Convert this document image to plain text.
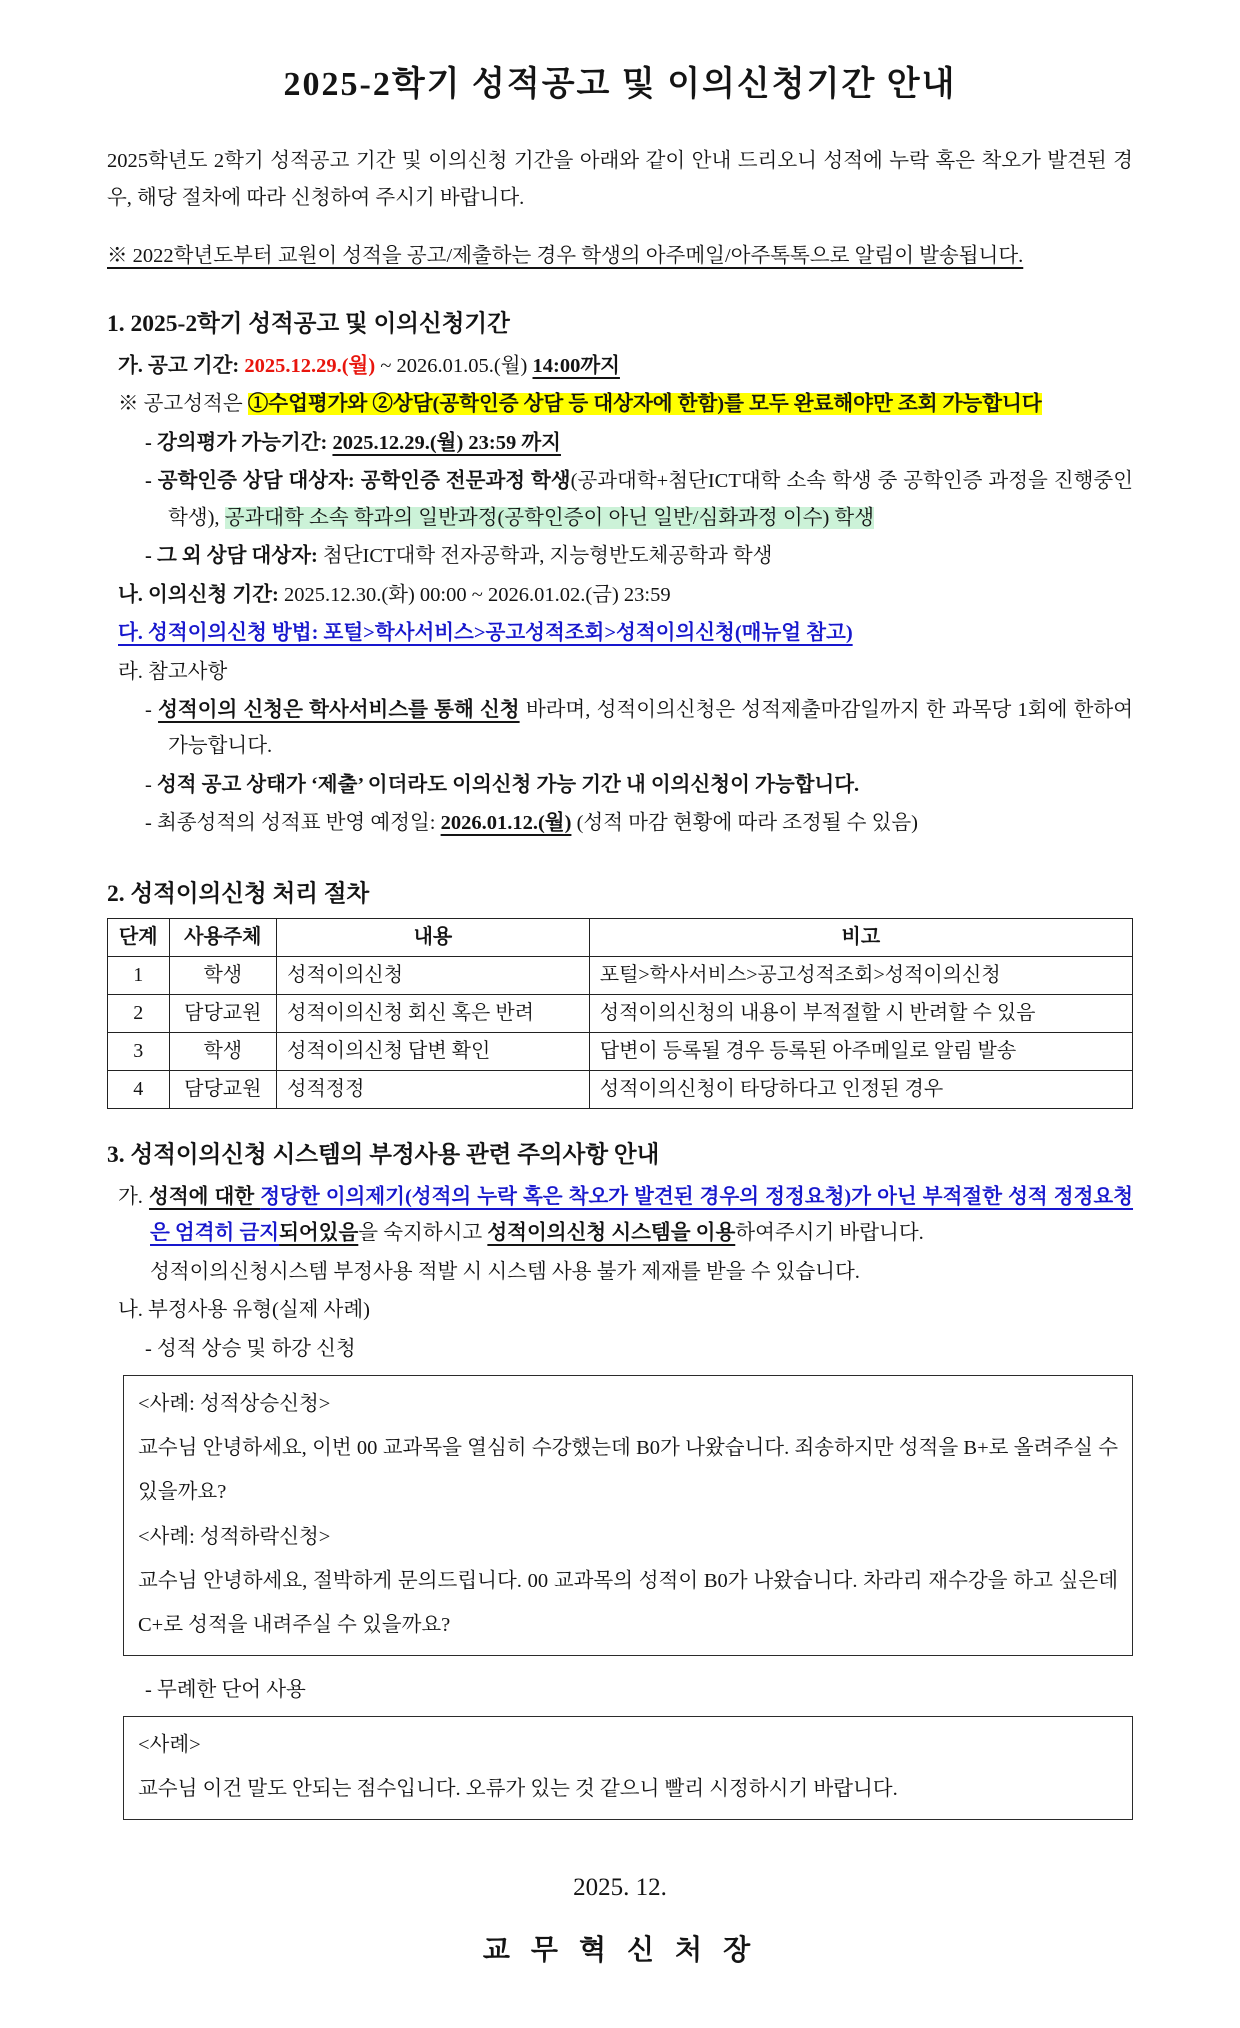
2025-2학기 성적공고 및 이의신청기간 안내

2025학년도 2학기 성적공고 기간 및 이의신청 기간을 아래와 같이 안내 드리오니 성적에 누락 혹은 착오가 발견된 경우, 해당 절차에 따라 신청하여 주시기 바랍니다.

※ 2022학년도부터 교원이 성적을 공고/제출하는 경우 학생의 아주메일/아주톡톡으로 알림이 발송됩니다.

1. 2025-2학기 성적공고 및 이의신청기간

가. 공고 기간: 2025.12.29.(월) ~ 2026.01.05.(월) 14:00까지

※ 공고성적은 ①수업평가와 ②상담(공학인증 상담 등 대상자에 한함)를 모두 완료해야만 조회 가능합니다

- 강의평가 가능기간: 2025.12.29.(월) 23:59 까지

- 공학인증 상담 대상자: 공학인증 전문과정 학생(공과대학+첨단ICT대학 소속 학생 중 공학인증 과정을 진행중인 학생), 공과대학 소속 학과의 일반과정(공학인증이 아닌 일반/심화과정 이수) 학생

- 그 외 상담 대상자: 첨단ICT대학 전자공학과, 지능형반도체공학과 학생

나. 이의신청 기간: 2025.12.30.(화) 00:00 ~ 2026.01.02.(금) 23:59

다. 성적이의신청 방법: 포털>학사서비스>공고성적조회>성적이의신청(매뉴얼 참고)

라. 참고사항

- 성적이의 신청은 학사서비스를 통해 신청 바라며, 성적이의신청은 성적제출마감일까지 한 과목당 1회에 한하여 가능합니다.

- 성적 공고 상태가 ‘제출’ 이더라도 이의신청 가능 기간 내 이의신청이 가능합니다.

- 최종성적의 성적표 반영 예정일: 2026.01.12.(월) (성적 마감 현황에 따라 조정될 수 있음)

2. 성적이의신청 처리 절차
단계	사용주체	내용	비고
1	학생	성적이의신청	포털>학사서비스>공고성적조회>성적이의신청
2	담당교원	성적이의신청 회신 혹은 반려	성적이의신청의 내용이 부적절할 시 반려할 수 있음
3	학생	성적이의신청 답변 확인	답변이 등록될 경우 등록된 아주메일로 알림 발송
4	담당교원	성적정정	성적이의신청이 타당하다고 인정된 경우
3. 성적이의신청 시스템의 부정사용 관련 주의사항 안내

가. 성적에 대한 정당한 이의제기(성적의 누락 혹은 착오가 발견된 경우의 정정요청)가 아닌 부적절한 성적 정정요청은 엄격히 금지되어있음을 숙지하시고 성적이의신청 시스템을 이용하여주시기 바랍니다.

성적이의신청시스템 부정사용 적발 시 시스템 사용 불가 제재를 받을 수 있습니다.

나. 부정사용 유형(실제 사례)

- 성적 상승 및 하강 신청

<사례: 성적상승신청>
교수님 안녕하세요, 이번 00 교과목을 열심히 수강했는데 B0가 나왔습니다. 죄송하지만 성적을 B+로 올려주실 수 있을까요?
<사례: 성적하락신청>
교수님 안녕하세요, 절박하게 문의드립니다. 00 교과목의 성적이 B0가 나왔습니다. 차라리 재수강을 하고 싶은데 C+로 성적을 내려주실 수 있을까요?

- 무례한 단어 사용

<사례>
교수님 이건 말도 안되는 점수입니다. 오류가 있는 것 같으니 빨리 시정하시기 바랍니다.
2025. 12.
교 무 혁 신 처 장
